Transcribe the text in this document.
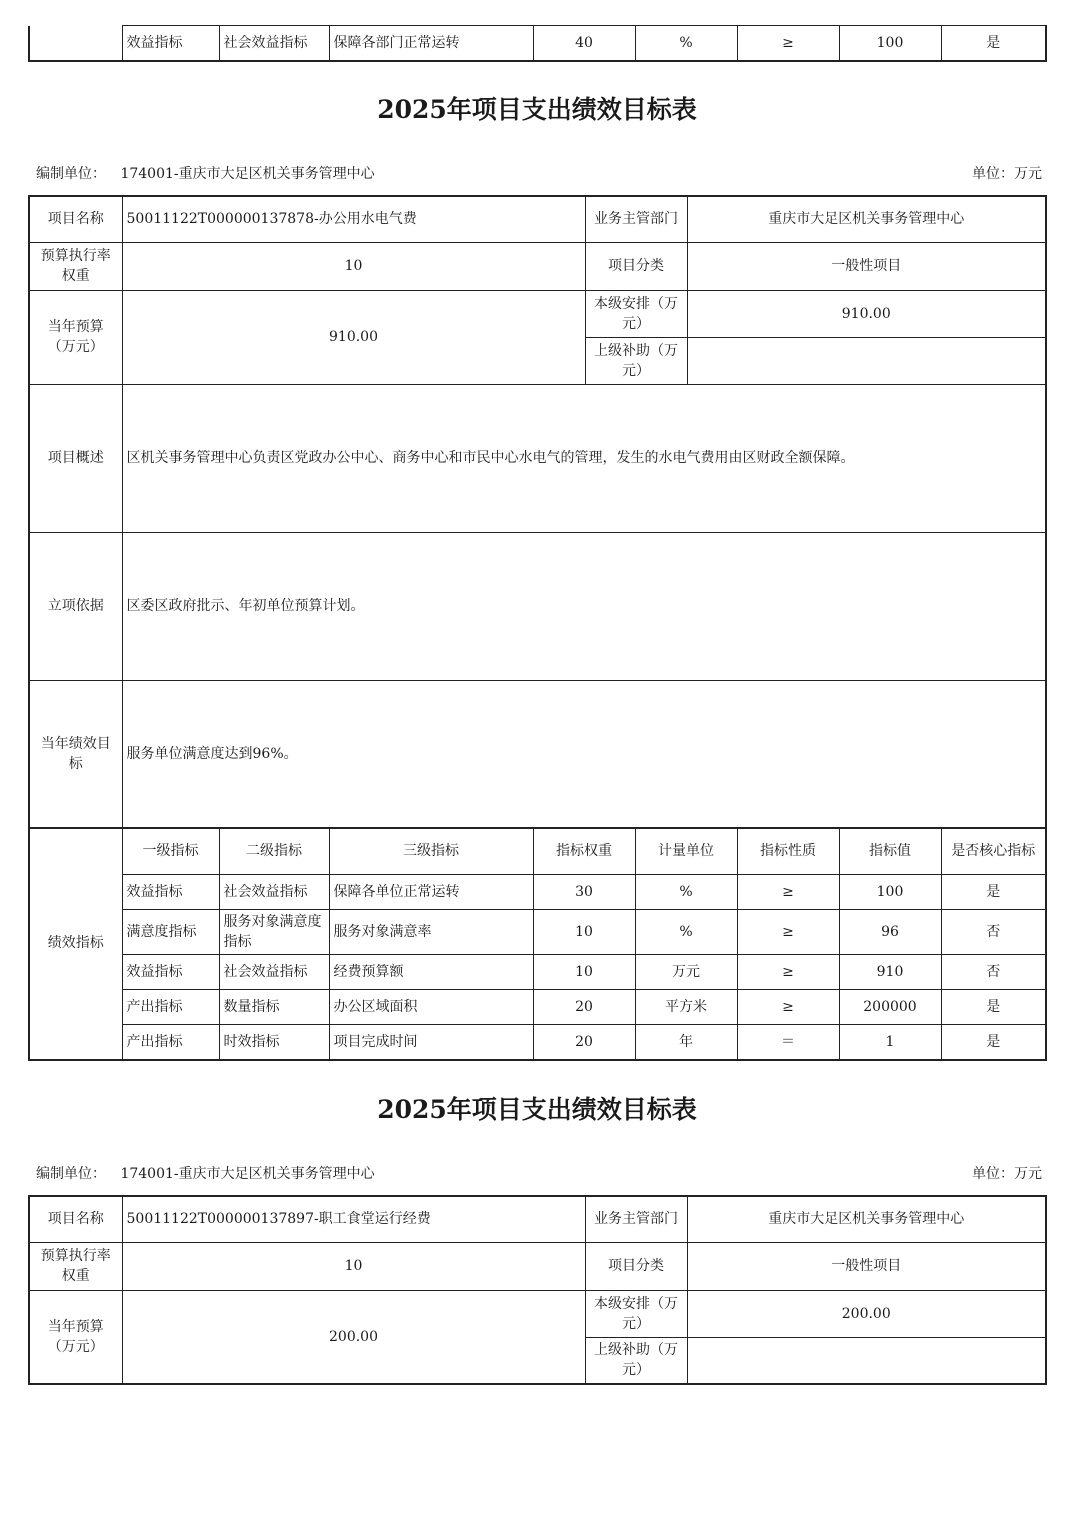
	效益指标	社会效益指标	保障各部门正常运转	40	%	≥	100	是
2025年项目支出绩效目标表
编制单位： 174001-重庆市大足区机关事务管理中心	单位：万元
项目名称	50011122T000000137878-办公用水电气费	业务主管部门	重庆市大足区机关事务管理中心
预算执行率权重	10	项目分类	一般性项目
当年预算（万元）	910.00	本级安排（万元）	910.00
		上级补助（万元）	
项目概述	区机关事务管理中心负责区党政办公中心、商务中心和市民中心水电气的管理，发生的水电气费用由区财政全额保障。		
立项依据	区委区政府批示、年初单位预算计划。		
当年绩效目标	服务单位满意度达到96%。		
绩效指标	一级指标	二级指标	三级指标	指标权重	计量单位	指标性质	指标值	是否核心指标
	效益指标	社会效益指标	保障各单位正常运转	30	%	≥	100	是
	满意度指标	服务对象满意度指标	服务对象满意率	10	%	≥	96	否
	效益指标	社会效益指标	经费预算额	10	万元	≥	910	否
	产出指标	数量指标	办公区域面积	20	平方米	≥	200000	是
	产出指标	时效指标	项目完成时间	20	年	＝	1	是
2025年项目支出绩效目标表
编制单位： 174001-重庆市大足区机关事务管理中心	单位：万元
项目名称	50011122T000000137897-职工食堂运行经费	业务主管部门	重庆市大足区机关事务管理中心
预算执行率权重	10	项目分类	一般性项目
当年预算（万元）	200.00	本级安排（万元）	200.00
		上级补助（万元）	
